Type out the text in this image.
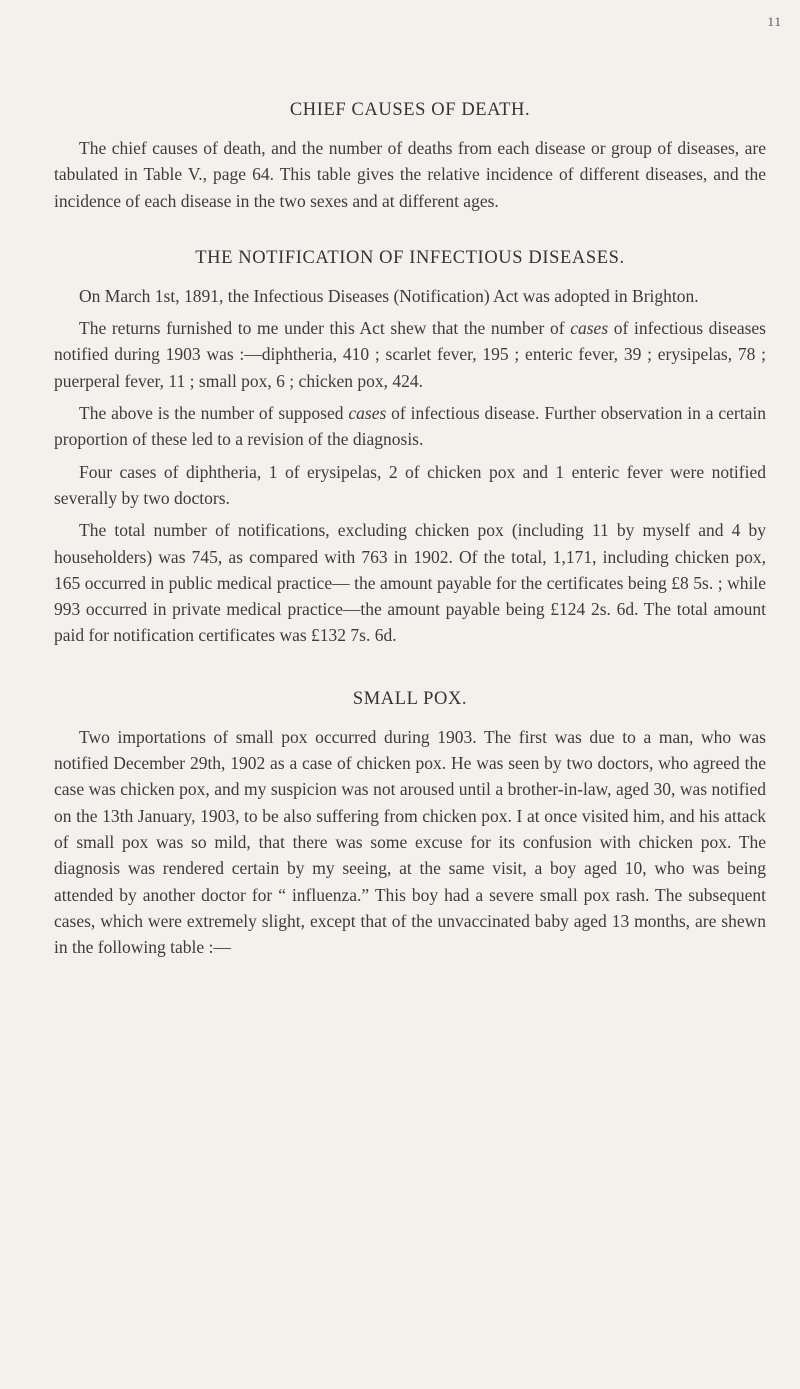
11
CHIEF CAUSES OF DEATH.

The chief causes of death, and the number of deaths from each disease or group of diseases, are tabulated in Table V., page 64. This table gives the relative incidence of different diseases, and the incidence of each disease in the two sexes and at different ages.

THE NOTIFICATION OF INFECTIOUS DISEASES.

On March 1st, 1891, the Infectious Diseases (Notification) Act was adopted in Brighton.

The returns furnished to me under this Act shew that the number of cases of infectious diseases notified during 1903 was :—diphtheria, 410 ; scarlet fever, 195 ; enteric fever, 39 ; erysipelas, 78 ; puerperal fever, 11 ; small pox, 6 ; chicken pox, 424.

The above is the number of supposed cases of infectious disease. Further observation in a certain proportion of these led to a revision of the diagnosis.

Four cases of diphtheria, 1 of erysipelas, 2 of chicken pox and 1 enteric fever were notified severally by two doctors.

The total number of notifications, excluding chicken pox (including 11 by myself and 4 by householders) was 745, as compared with 763 in 1902. Of the total, 1,171, including chicken pox, 165 occurred in public medical practice— the amount payable for the certificates being £8 5s. ; while 993 occurred in private medical practice—the amount payable being £124 2s. 6d. The total amount paid for notification certificates was £132 7s. 6d.

SMALL POX.

Two importations of small pox occurred during 1903. The first was due to a man, who was notified December 29th, 1902 as a case of chicken pox. He was seen by two doctors, who agreed the case was chicken pox, and my suspicion was not aroused until a brother-in-law, aged 30, was notified on the 13th January, 1903, to be also suffering from chicken pox. I at once visited him, and his attack of small pox was so mild, that there was some excuse for its confusion with chicken pox. The diagnosis was rendered certain by my seeing, at the same visit, a boy aged 10, who was being attended by another doctor for “ influenza.” This boy had a severe small pox rash. The subsequent cases, which were extremely slight, except that of the unvaccinated baby aged 13 months, are shewn in the following table :—
